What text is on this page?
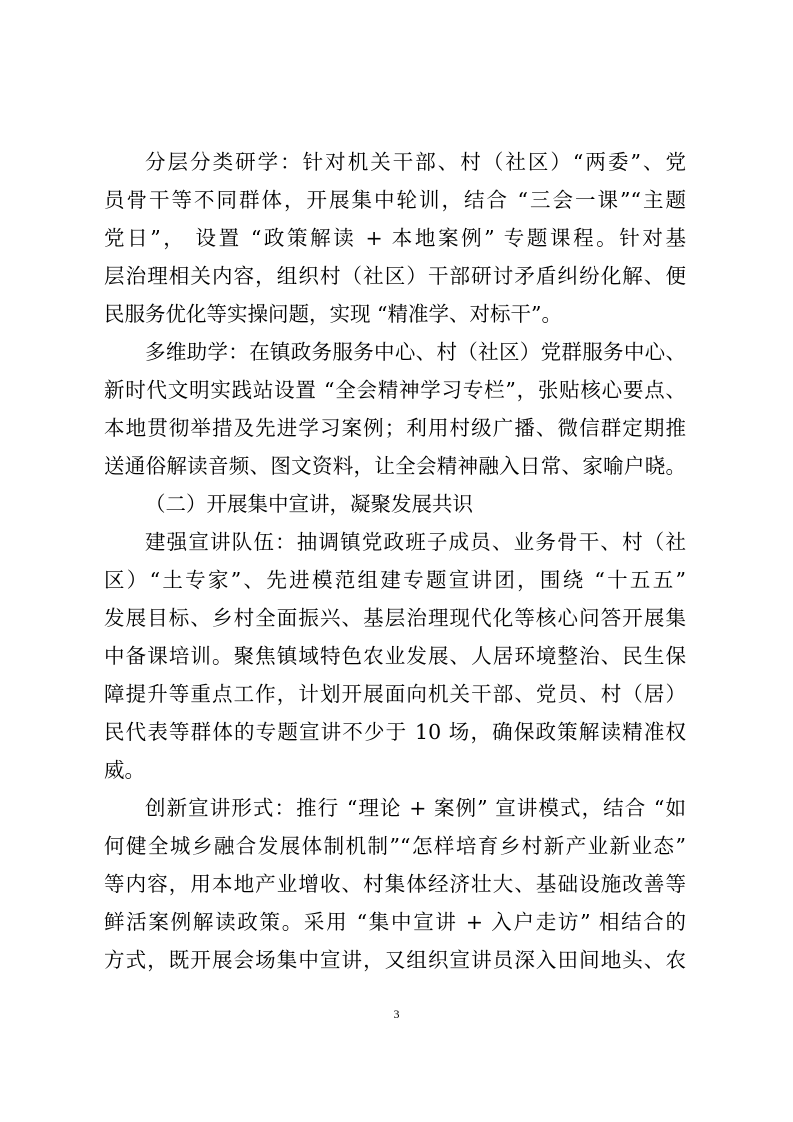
分层分类研学：针对机关干部、村（社区）“两委”、党
员骨干等不同群体，开展集中轮训，结合 “三会一课”“主题
党日”， 设置 “政策解读 + 本地案例” 专题课程。针对基
层治理相关内容，组织村（社区）干部研讨矛盾纠纷化解、便
民服务优化等实操问题，实现 “精准学、对标干”。
多维助学：在镇政务服务中心、村（社区）党群服务中心、
新时代文明实践站设置 “全会精神学习专栏”，张贴核心要点、
本地贯彻举措及先进学习案例；利用村级广播、微信群定期推
送通俗解读音频、图文资料，让全会精神融入日常、家喻户晓。
（二）开展集中宣讲，凝聚发展共识
建强宣讲队伍：抽调镇党政班子成员、业务骨干、村（社
区）“土专家”、先进模范组建专题宣讲团，围绕 “十五五”
发展目标、乡村全面振兴、基层治理现代化等核心问答开展集
中备课培训。聚焦镇域特色农业发展、人居环境整治、民生保
障提升等重点工作，计划开展面向机关干部、党员、村（居）
民代表等群体的专题宣讲不少于 10 场，确保政策解读精准权
威。
创新宣讲形式：推行 “理论 + 案例” 宣讲模式，结合 “如
何健全城乡融合发展体制机制”“怎样培育乡村新产业新业态”
等内容，用本地产业增收、村集体经济壮大、基础设施改善等
鲜活案例解读政策。采用 “集中宣讲 + 入户走访” 相结合的
方式，既开展会场集中宣讲，又组织宣讲员深入田间地头、农
3
